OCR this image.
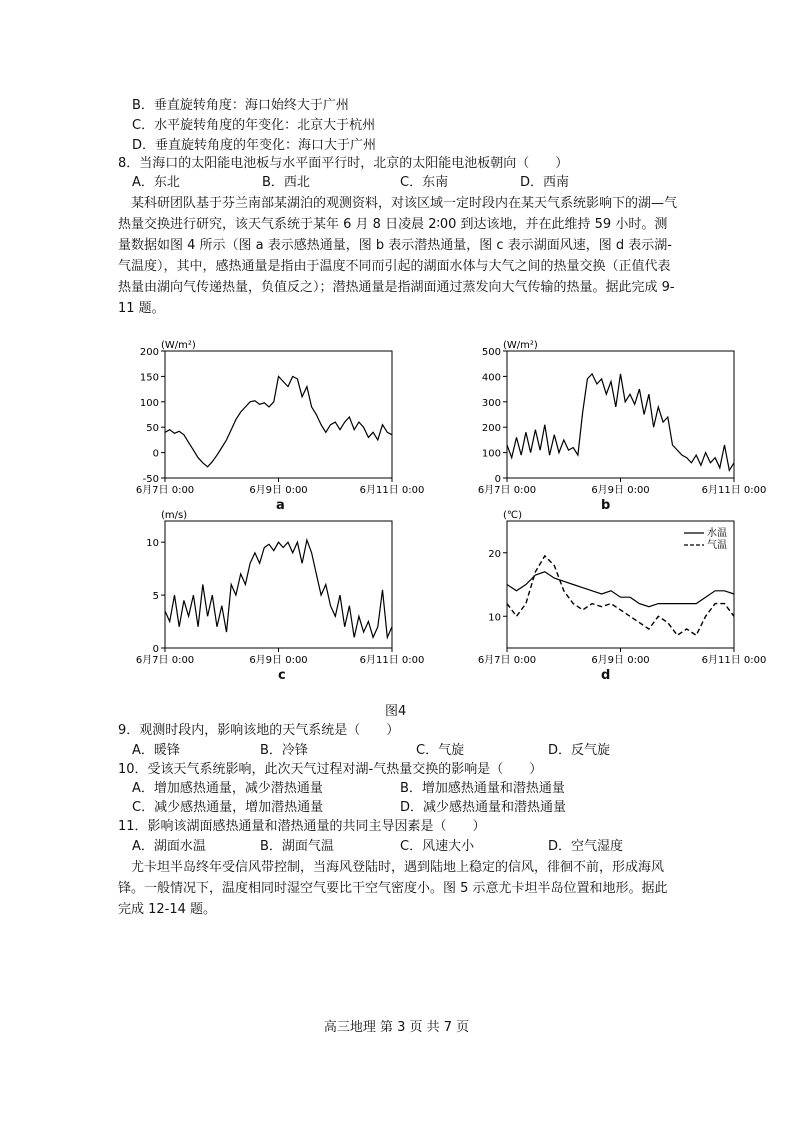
B．垂直旋转角度：海口始终大于广州
C．水平旋转角度的年变化：北京大于杭州
D．垂直旋转角度的年变化：海口大于广州
8．当海口的太阳能电池板与水平面平行时，北京的太阳能电池板朝向（　　）
A．东北	B．西北	C．东南	D．西南
某科研团队基于芬兰南部某湖泊的观测资料，对该区域一定时段内在某天气系统影响下的湖—气热量交换进行研究，该天气系统于某年 6 月 8 日凌晨 2∶00 到达该地，并在此维持 59 小时。测量数据如图 4 所示（图 a 表示感热通量，图 b 表示潜热通量，图 c 表示湖面风速，图 d 表示湖-气温度），其中，感热通量是指由于温度不同而引起的湖面水体与大气之间的热量交换（正值代表热量由湖向气传递热量，负值反之）；潜热通量是指湖面通过蒸发向大气传输的热量。据此完成 9-11 题。
(W/m²)
-50
0
50
100
150
200
6月7日 0:00	6月9日 0:00	6月11日 0:00
a
(W/m²)
0
100
200
300
400
500
6月7日 0:00	6月9日 0:00	6月11日 0:00
b
(m/s)
0
5
10
6月7日 0:00	6月9日 0:00	6月11日 0:00
c
(℃)
10
20
6月7日 0:00	6月9日 0:00	6月11日 0:00
水温
气温
d
图4
9．观测时段内，影响该地的天气系统是（　　）
A．暖锋	B．冷锋	C．气旋	D．反气旋
10．受该天气系统影响，此次天气过程对湖-气热量交换的影响是（　　）
A．增加感热通量，减少潜热通量	B．增加感热通量和潜热通量
C．减少感热通量，增加潜热通量	D．减少感热通量和潜热通量
11．影响该湖面感热通量和潜热通量的共同主导因素是（　　）
A．湖面水温	B．湖面气温	C．风速大小	D．空气湿度
尤卡坦半岛终年受信风带控制，当海风登陆时，遇到陆地上稳定的信风，徘徊不前，形成海风锋。一般情况下，温度相同时湿空气要比干空气密度小。图 5 示意尤卡坦半岛位置和地形。据此完成 12-14 题。
高三地理 第 3 页 共 7 页
